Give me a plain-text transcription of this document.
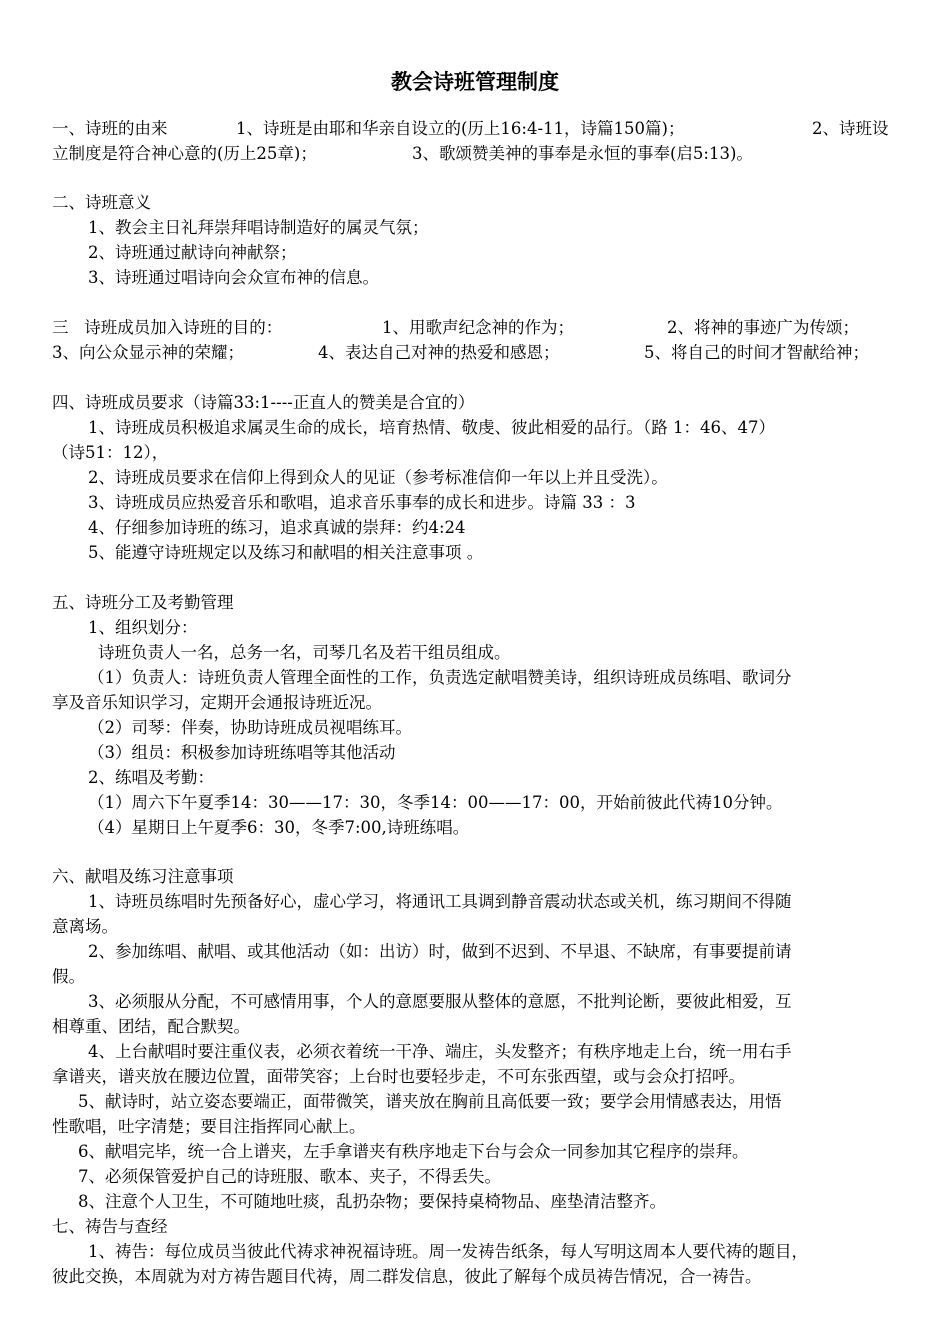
教会诗班管理制度
一、诗班的由来	1、诗班是由耶和华亲自设立的(历上16:4-11，诗篇150篇)；	2、诗班设
立制度是符合神心意的(历上25章)；	3、歌颂赞美神的事奉是永恒的事奉(启5:13)。
二、诗班意义
1、教会主日礼拜崇拜唱诗制造好的属灵气氛；
2、诗班通过献诗向神献祭；
3、诗班通过唱诗向会众宣布神的信息。
三   诗班成员加入诗班的目的：	1、用歌声纪念神的作为；	2、将神的事迹广为传颂；
3、向公众显示神的荣耀；	4、表达自己对神的热爱和感恩；	5、将自己的时间才智献给神；
四、诗班成员要求（诗篇33:1----正直人的赞美是合宜的）
1、诗班成员积极追求属灵生命的成长，培育热情、敬虔、彼此相爱的品行。（路 1：46、47）
（诗51：12），
2、诗班成员要求在信仰上得到众人的见证（参考标准信仰一年以上并且受洗）。
3、诗班成员应热爱音乐和歌唱，追求音乐事奉的成长和进步。诗篇 33 ：3
4、仔细参加诗班的练习，追求真诚的崇拜：约4:24
5、能遵守诗班规定以及练习和献唱的相关注意事项 。
五、诗班分工及考勤管理
1、组织划分：
诗班负责人一名，总务一名，司琴几名及若干组员组成。
（1）负责人：诗班负责人管理全面性的工作，负责选定献唱赞美诗，组织诗班成员练唱、歌词分
享及音乐知识学习，定期开会通报诗班近况。
（2）司琴：伴奏，协助诗班成员视唱练耳。
（3）组员：积极参加诗班练唱等其他活动
2、练唱及考勤：
（1）周六下午夏季14：30——17：30，冬季14：00——17：00，开始前彼此代祷10分钟。
（4）星期日上午夏季6：30，冬季7:00,诗班练唱。
六、献唱及练习注意事项
1、诗班员练唱时先预备好心，虚心学习，将通讯工具调到静音震动状态或关机，练习期间不得随
意离场。
2、参加练唱、献唱、或其他活动（如：出访）时，做到不迟到、不早退、不缺席，有事要提前请
假。
3、必须服从分配，不可感情用事，个人的意愿要服从整体的意愿，不批判论断，要彼此相爱，互
相尊重、团结，配合默契。
4、上台献唱时要注重仪表，必须衣着统一干净、端庄，头发整齐；有秩序地走上台，统一用右手
拿谱夹，谱夹放在腰边位置，面带笑容；上台时也要轻步走，不可东张西望，或与会众打招呼。
5、献诗时，站立姿态要端正，面带微笑，谱夹放在胸前且高低要一致；要学会用情感表达，用悟
性歌唱，吐字清楚；要目注指挥同心献上。
6、献唱完毕，统一合上谱夹，左手拿谱夹有秩序地走下台与会众一同参加其它程序的崇拜。
7、必须保管爱护自己的诗班服、歌本、夹子，不得丢失。
8、注意个人卫生，不可随地吐痰，乱扔杂物；要保持桌椅物品、座垫清洁整齐。
七、祷告与查经
1、祷告：每位成员当彼此代祷求神祝福诗班。周一发祷告纸条，每人写明这周本人要代祷的题目，
彼此交换，本周就为对方祷告题目代祷，周二群发信息，彼此了解每个成员祷告情况，合一祷告。
